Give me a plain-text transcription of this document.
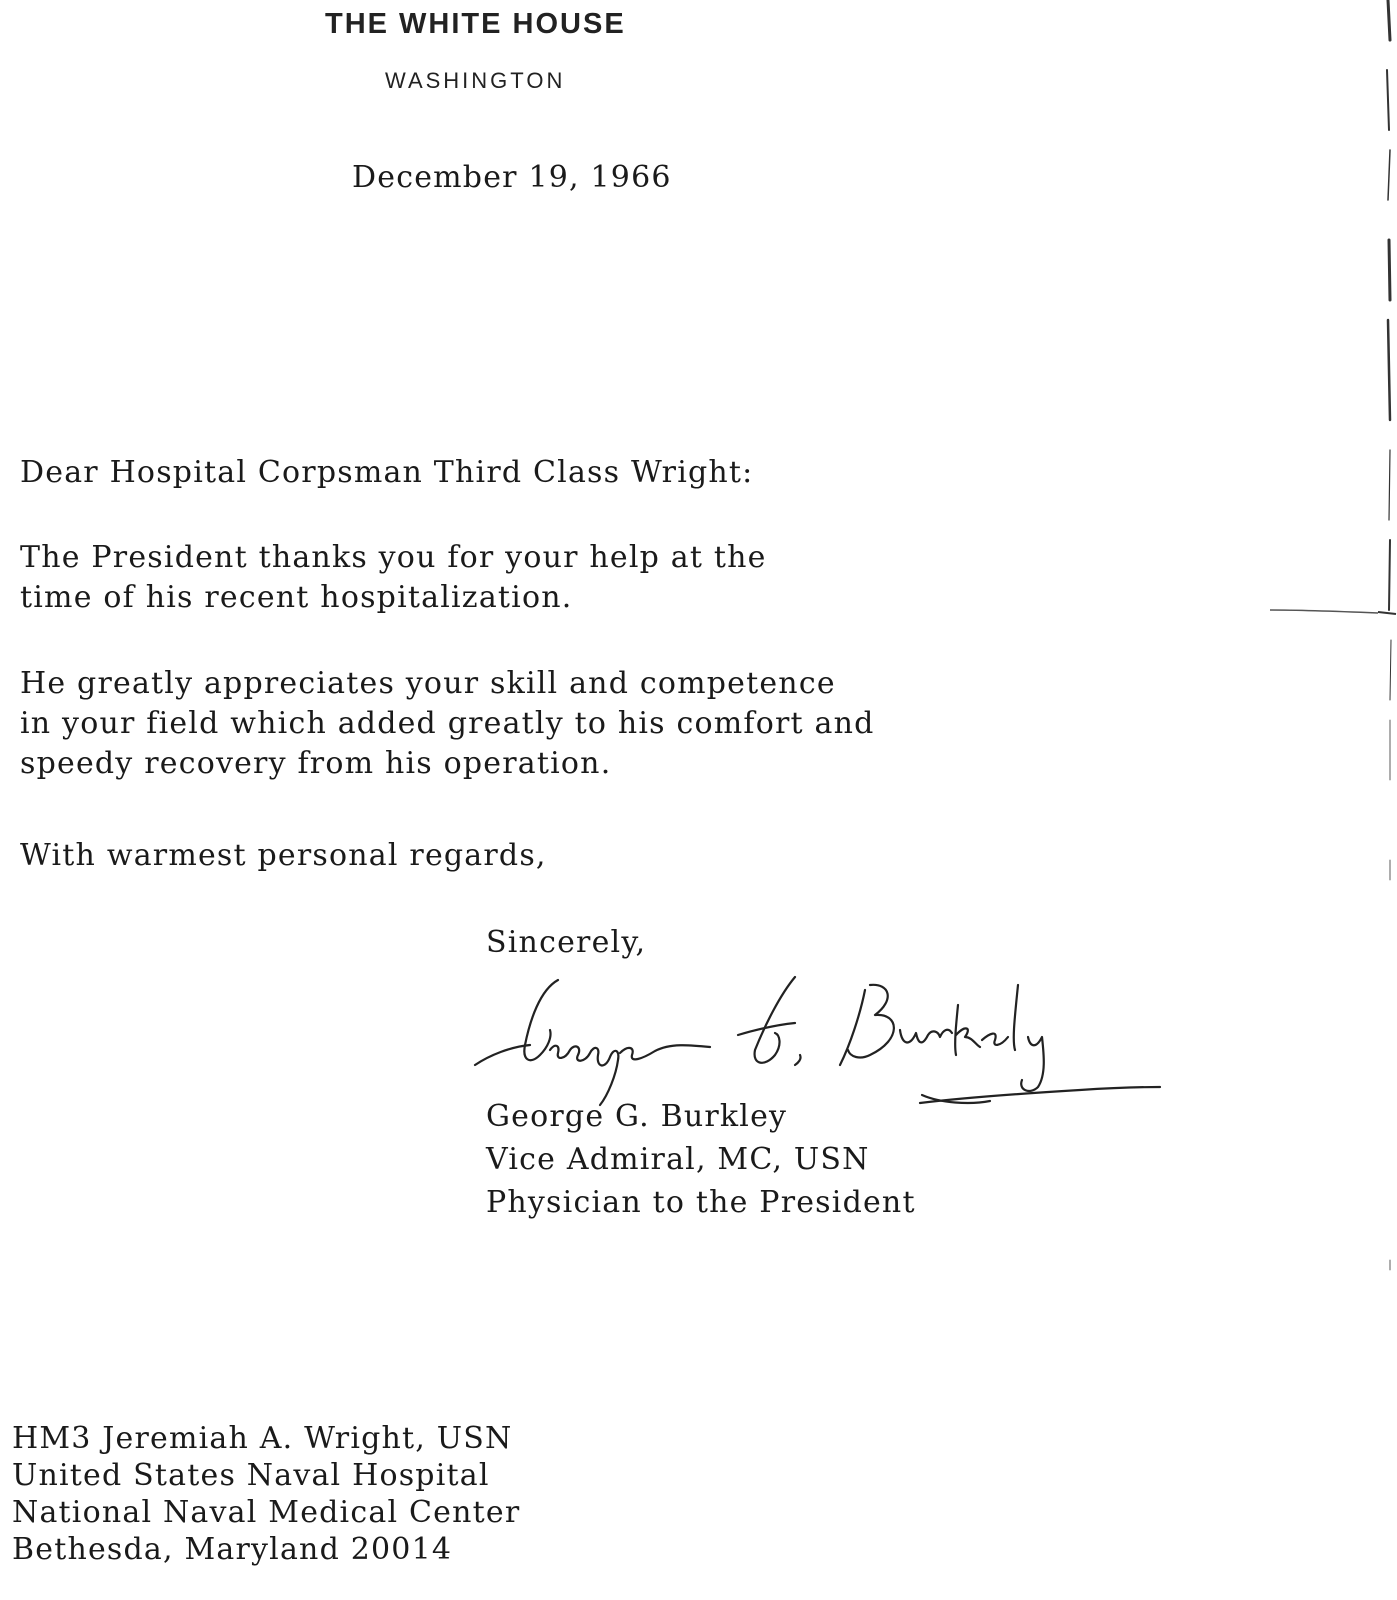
THE WHITE HOUSE
WASHINGTON
December 19, 1966
Dear Hospital Corpsman Third Class Wright:
The President thanks you for your help at the
time of his recent hospitalization.
He greatly appreciates your skill and competence
in your field which added greatly to his comfort and
speedy recovery from his operation.
With warmest personal regards,
Sincerely,
George G. Burkley
Vice Admiral, MC, USN
Physician to the President
HM3 Jeremiah A. Wright, USN
United States Naval Hospital
National Naval Medical Center
Bethesda, Maryland 20014
